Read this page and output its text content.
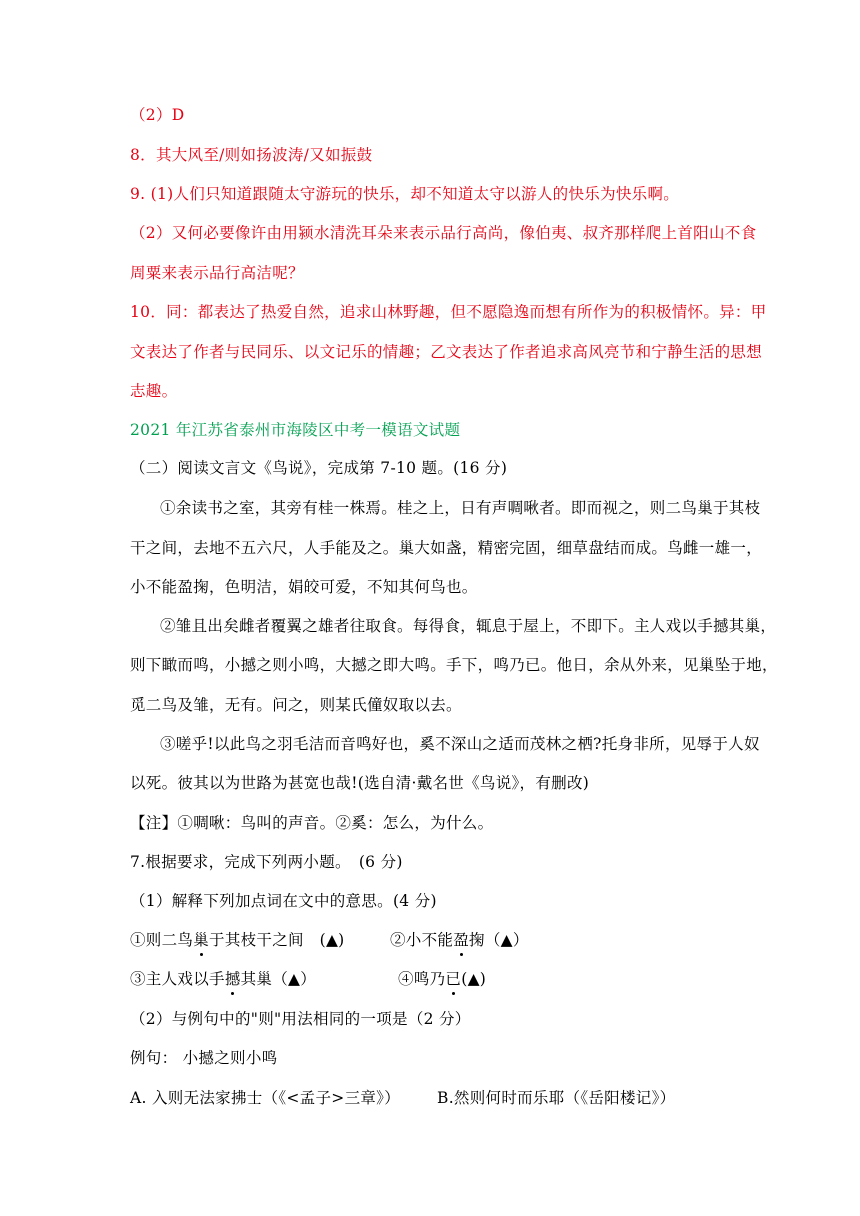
（2）D
8．其大风至/则如扬波涛/又如振鼓
9. (1)人们只知道跟随太守游玩的快乐，却不知道太守以游人的快乐为快乐啊。
（2）又何必要像许由用颍水清洗耳朵来表示品行高尚，像伯夷、叔齐那样爬上首阳山不食
周粟来表示品行高洁呢？
10．同：都表达了热爱自然，追求山林野趣，但不愿隐逸而想有所作为的积极情怀。异：甲
文表达了作者与民同乐、以文记乐的情趣；乙文表达了作者追求高风亮节和宁静生活的思想
志趣。
2021 年江苏省泰州市海陵区中考一模语文试题
（二）阅读文言文《鸟说》，完成第 7-10 题。(16 分)
①余读书之室，其旁有桂一株焉。桂之上，日有声啁啾者。即而视之，则二鸟巢于其枝
干之间，去地不五六尺，人手能及之。巢大如盏，精密完固，细草盘结而成。鸟雌一雄一，
小不能盈掬，色明洁，娟皎可爱，不知其何鸟也。
②雏且出矣雌者覆翼之雄者往取食。每得食，辄息于屋上，不即下。主人戏以手撼其巢，
则下瞰而鸣，小撼之则小鸣，大撼之即大鸣。手下，鸣乃已。他日，余从外来，见巢坠于地，
觅二鸟及雏，无有。问之，则某氏僮奴取以去。
③嗟乎!以此鸟之羽毛洁而音鸣好也，奚不深山之适而茂林之栖?托身非所，见辱于人奴
以死。彼其以为世路为甚宽也哉!(选自清·戴名世《鸟说》，有删改)
【注】①啁啾：鸟叫的声音。②奚：怎么，为什么。
7.根据要求，完成下列两小题。　(6 分)
（1）解释下列加点词在文中的意思。(4 分)
①则二鸟巢于其枝干之间　(▲)	②小不能盈掬（▲）
③主人戏以手撼其巢（▲）	④鸣乃已(▲)
（2）与例句中的"则"用法相同的一项是（2 分）
例句： 小撼之则小鸣
A. 入则无法家拂士（《<孟子>三章》） B.然则何时而乐耶（《岳阳楼记》）
